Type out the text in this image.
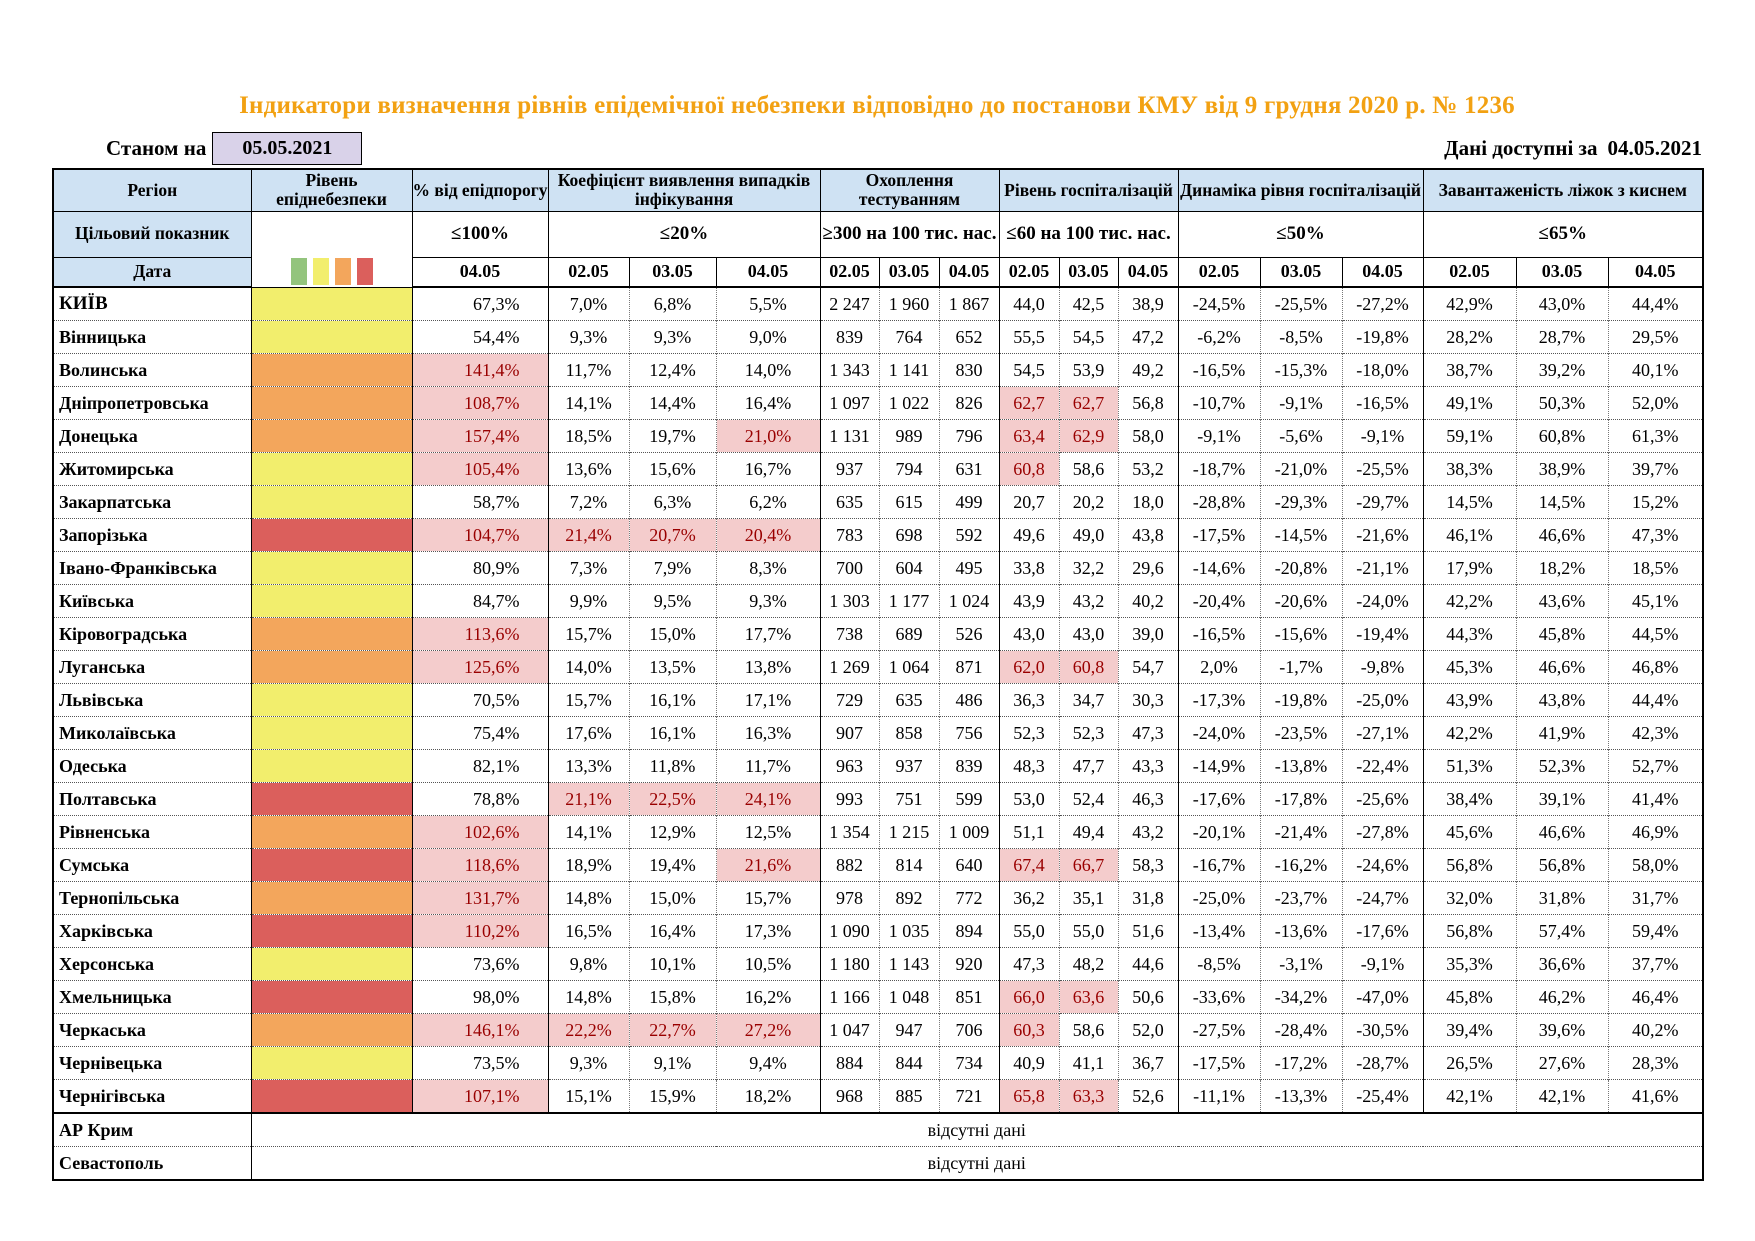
Індикатори визначення рівнів епідемічної небезпеки відповідно до постанови КМУ від 9 грудня 2020 р. № 1236
Станом на	05.05.2021	Дані доступні за 04.05.2021
Регіон	Рівень епіднебезпеки	% від епідпорогу	Коефіцієнт виявлення випадків інфікування			Охоплення тестуванням			Рівень госпіталізацій			Динаміка рівня госпіталізацій			Завантаженість ліжок з киснем		
Цільовий показник		≤100%	≤20%			≥300 на 100 тис. нас.			≤60 на 100 тис. нас.			≤50%			≤65%		
Дата		04.05	02.05	03.05	04.05	02.05	03.05	04.05	02.05	03.05	04.05	02.05	03.05	04.05	02.05	03.05	04.05
КИЇВ		67,3%	7,0%	6,8%	5,5%	2 247	1 960	1 867	44,0	42,5	38,9	-24,5%	-25,5%	-27,2%	42,9%	43,0%	44,4%
Вінницька		54,4%	9,3%	9,3%	9,0%	839	764	652	55,5	54,5	47,2	-6,2%	-8,5%	-19,8%	28,2%	28,7%	29,5%
Волинська		141,4%	11,7%	12,4%	14,0%	1 343	1 141	830	54,5	53,9	49,2	-16,5%	-15,3%	-18,0%	38,7%	39,2%	40,1%
Дніпропетровська		108,7%	14,1%	14,4%	16,4%	1 097	1 022	826	62,7	62,7	56,8	-10,7%	-9,1%	-16,5%	49,1%	50,3%	52,0%
Донецька		157,4%	18,5%	19,7%	21,0%	1 131	989	796	63,4	62,9	58,0	-9,1%	-5,6%	-9,1%	59,1%	60,8%	61,3%
Житомирська		105,4%	13,6%	15,6%	16,7%	937	794	631	60,8	58,6	53,2	-18,7%	-21,0%	-25,5%	38,3%	38,9%	39,7%
Закарпатська		58,7%	7,2%	6,3%	6,2%	635	615	499	20,7	20,2	18,0	-28,8%	-29,3%	-29,7%	14,5%	14,5%	15,2%
Запорізька		104,7%	21,4%	20,7%	20,4%	783	698	592	49,6	49,0	43,8	-17,5%	-14,5%	-21,6%	46,1%	46,6%	47,3%
Івано-Франківська		80,9%	7,3%	7,9%	8,3%	700	604	495	33,8	32,2	29,6	-14,6%	-20,8%	-21,1%	17,9%	18,2%	18,5%
Київська		84,7%	9,9%	9,5%	9,3%	1 303	1 177	1 024	43,9	43,2	40,2	-20,4%	-20,6%	-24,0%	42,2%	43,6%	45,1%
Кіровоградська		113,6%	15,7%	15,0%	17,7%	738	689	526	43,0	43,0	39,0	-16,5%	-15,6%	-19,4%	44,3%	45,8%	44,5%
Луганська		125,6%	14,0%	13,5%	13,8%	1 269	1 064	871	62,0	60,8	54,7	2,0%	-1,7%	-9,8%	45,3%	46,6%	46,8%
Львівська		70,5%	15,7%	16,1%	17,1%	729	635	486	36,3	34,7	30,3	-17,3%	-19,8%	-25,0%	43,9%	43,8%	44,4%
Миколаївська		75,4%	17,6%	16,1%	16,3%	907	858	756	52,3	52,3	47,3	-24,0%	-23,5%	-27,1%	42,2%	41,9%	42,3%
Одеська		82,1%	13,3%	11,8%	11,7%	963	937	839	48,3	47,7	43,3	-14,9%	-13,8%	-22,4%	51,3%	52,3%	52,7%
Полтавська		78,8%	21,1%	22,5%	24,1%	993	751	599	53,0	52,4	46,3	-17,6%	-17,8%	-25,6%	38,4%	39,1%	41,4%
Рівненська		102,6%	14,1%	12,9%	12,5%	1 354	1 215	1 009	51,1	49,4	43,2	-20,1%	-21,4%	-27,8%	45,6%	46,6%	46,9%
Сумська		118,6%	18,9%	19,4%	21,6%	882	814	640	67,4	66,7	58,3	-16,7%	-16,2%	-24,6%	56,8%	56,8%	58,0%
Тернопільська		131,7%	14,8%	15,0%	15,7%	978	892	772	36,2	35,1	31,8	-25,0%	-23,7%	-24,7%	32,0%	31,8%	31,7%
Харківська		110,2%	16,5%	16,4%	17,3%	1 090	1 035	894	55,0	55,0	51,6	-13,4%	-13,6%	-17,6%	56,8%	57,4%	59,4%
Херсонська		73,6%	9,8%	10,1%	10,5%	1 180	1 143	920	47,3	48,2	44,6	-8,5%	-3,1%	-9,1%	35,3%	36,6%	37,7%
Хмельницька		98,0%	14,8%	15,8%	16,2%	1 166	1 048	851	66,0	63,6	50,6	-33,6%	-34,2%	-47,0%	45,8%	46,2%	46,4%
Черкаська		146,1%	22,2%	22,7%	27,2%	1 047	947	706	60,3	58,6	52,0	-27,5%	-28,4%	-30,5%	39,4%	39,6%	40,2%
Чернівецька		73,5%	9,3%	9,1%	9,4%	884	844	734	40,9	41,1	36,7	-17,5%	-17,2%	-28,7%	26,5%	27,6%	28,3%
Чернігівська		107,1%	15,1%	15,9%	18,2%	968	885	721	65,8	63,3	52,6	-11,1%	-13,3%	-25,4%	42,1%	42,1%	41,6%
АР Крим	відсутні дані																
Севастополь	відсутні дані																
